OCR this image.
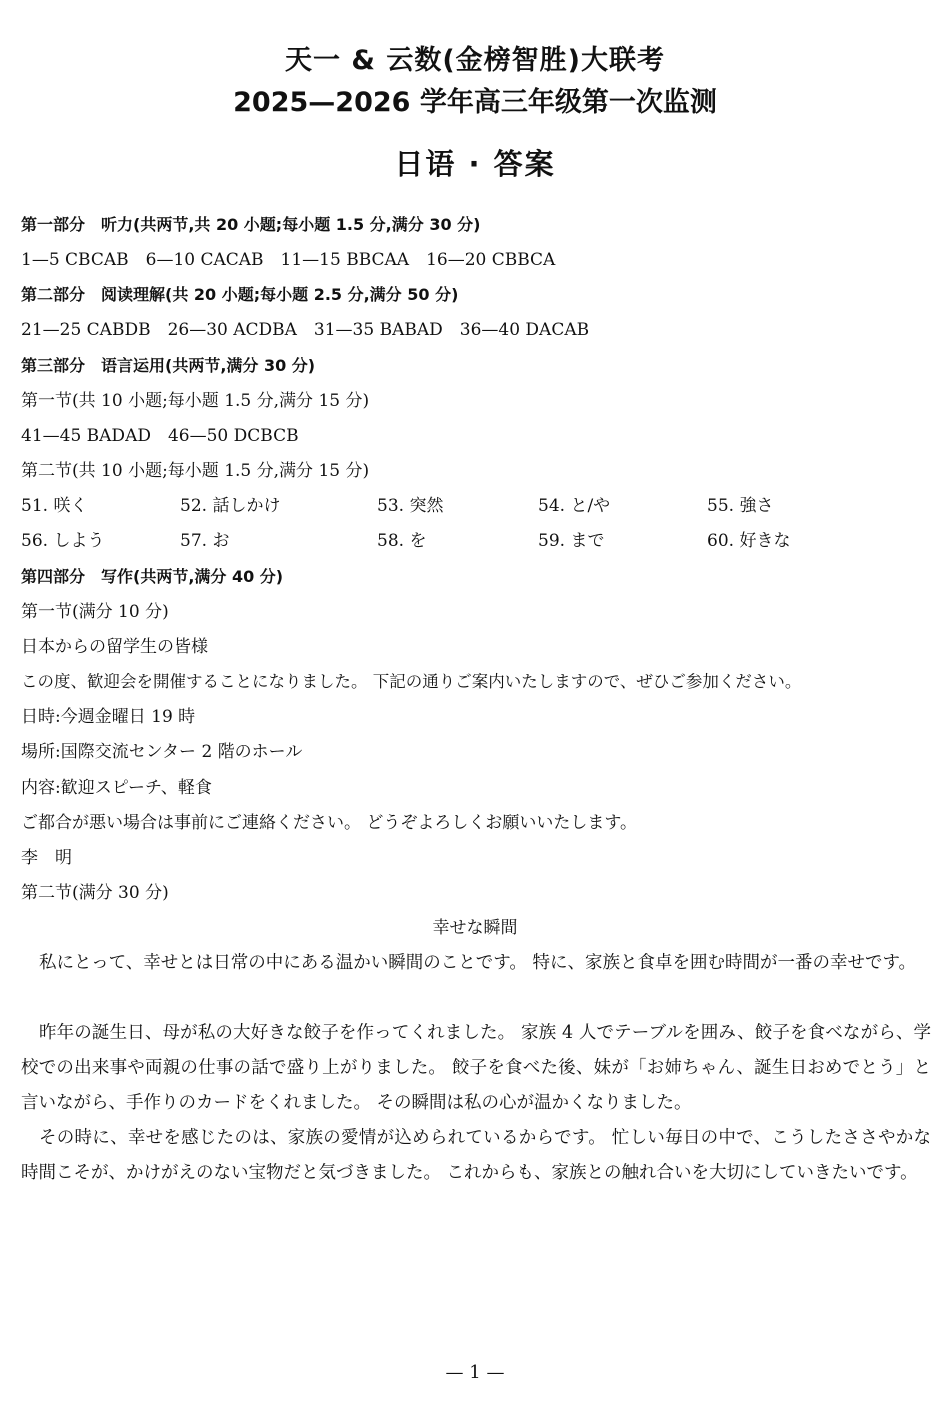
天一 & 云数(金榜智胜)大联考
2025—2026 学年高三年级第一次监测
日语 · 答案
第一部分　听力(共两节,共 20 小题;每小题 1.5 分,满分 30 分)
1—5 CBCAB　6—10 CACAB　11—15 BBCAA　16—20 CBBCA
第二部分　阅读理解(共 20 小题;每小题 2.5 分,满分 50 分)
21—25 CABDB　26—30 ACDBA　31—35 BABAD　36—40 DACAB
第三部分　语言运用(共两节,满分 30 分)
第一节(共 10 小题;每小题 1.5 分,满分 15 分)
41—45 BADAD　46—50 DCBCB
第二节(共 10 小题;每小题 1.5 分,满分 15 分)
51. 咲く	52. 話しかけ	53. 突然	54. と/や	55. 強さ
56. しよう	57. お	58. を	59. まで	60. 好きな
第四部分　写作(共两节,满分 40 分)
第一节(满分 10 分)
日本からの留学生の皆様
この度、歓迎会を開催することになりました。 下記の通りご案内いたしますので、ぜひご参加ください。
日時:今週金曜日 19 時
場所:国際交流センター 2 階のホール
内容:歓迎スピーチ、軽食
ご都合が悪い場合は事前にご連絡ください。 どうぞよろしくお願いいたします。
李　明
第二节(满分 30 分)
幸せな瞬間
私にとって、幸せとは日常の中にある温かい瞬間のことです。 特に、家族と食卓を囲む時間が一番の幸せです。
昨年の誕生日、母が私の大好きな餃子を作ってくれました。 家族 4 人でテーブルを囲み、餃子を食べながら、学校での出来事や両親の仕事の話で盛り上がりました。 餃子を食べた後、妹が「お姉ちゃん、誕生日おめでとう」と言いながら、手作りのカードをくれました。 その瞬間は私の心が温かくなりました。
その時に、幸せを感じたのは、家族の愛情が込められているからです。 忙しい毎日の中で、こうしたささやかな時間こそが、かけがえのない宝物だと気づきました。 これからも、家族との触れ合いを大切にしていきたいです。
— 1 —
